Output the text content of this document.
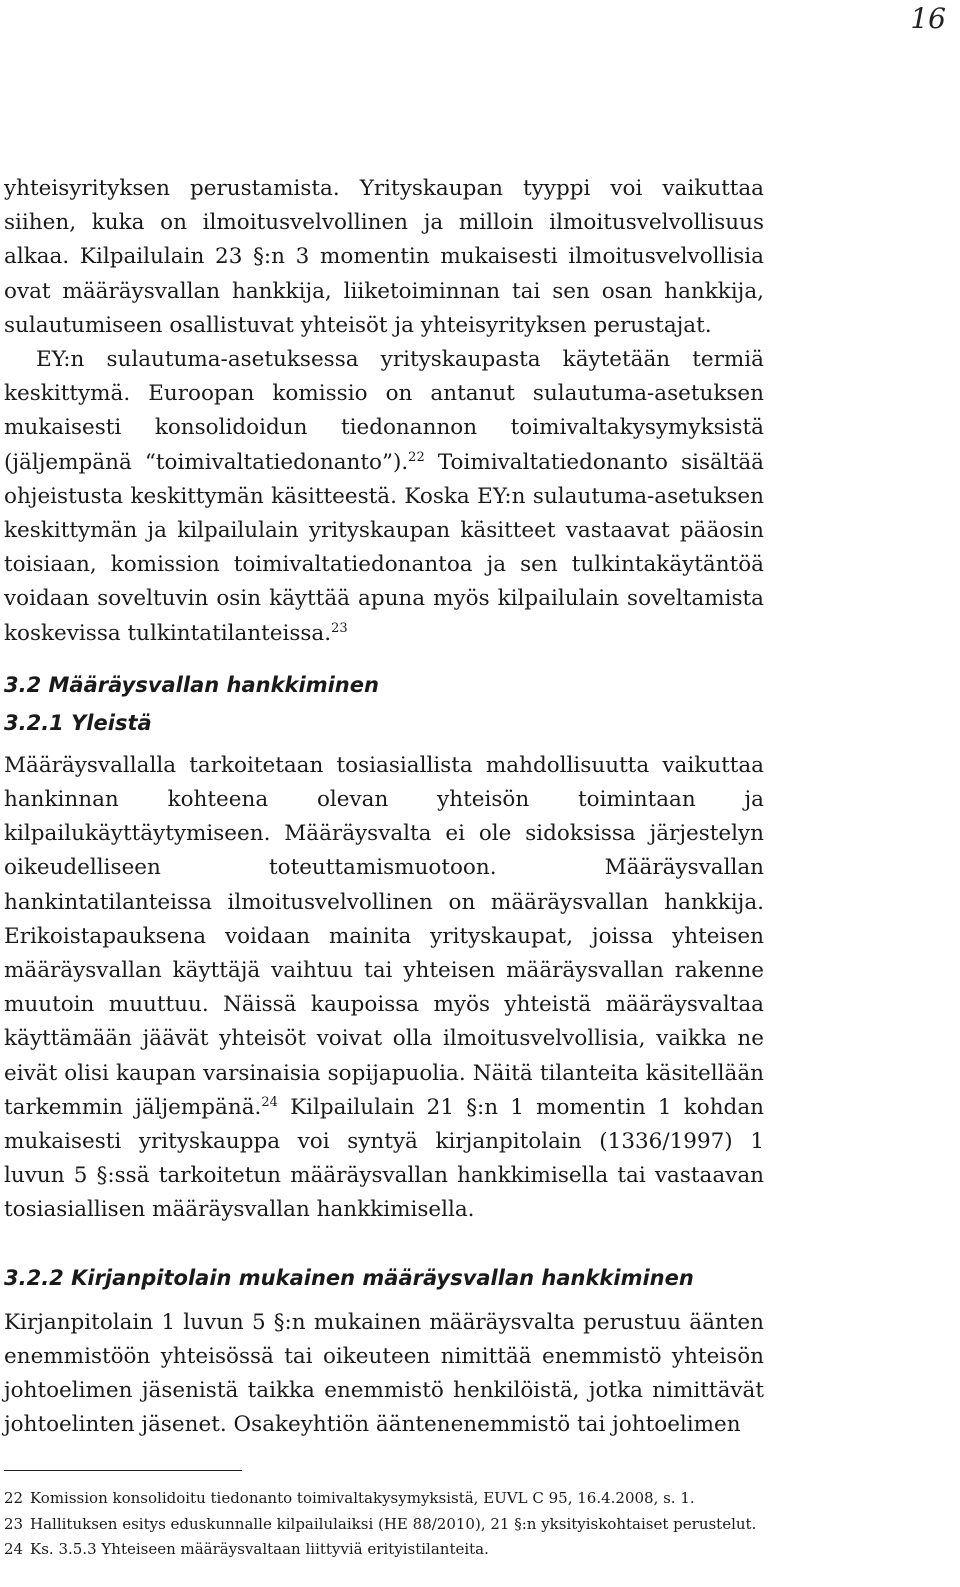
16

yhteisyrityksen perustamista. Yrityskaupan tyyppi voi vaikuttaa siihen, kuka on ilmoitusvelvollinen ja milloin ilmoitusvelvollisuus alkaa. Kilpailulain 23 §:n 3 momentin mukaisesti ilmoitusvelvollisia ovat määräysvallan hankkija, liiketoiminnan tai sen osan hankkija, sulautumiseen osallistuvat yhteisöt ja yhteisyrityksen perustajat.

EY:n sulautuma-asetuksessa yrityskaupasta käytetään termiä keskittymä. Euroopan komissio on antanut sulautuma-asetuksen mukaisesti konsolidoidun tiedonannon toimivaltakysymyksistä (jäljempänä “toimivaltatiedonanto”).$^{22}$ Toimivaltatiedonanto sisältää ohjeistusta keskittymän käsitteestä. Koska EY:n sulautuma-asetuksen keskittymän ja kilpailulain yrityskaupan käsitteet vastaavat pääosin toisiaan, komission toimivaltatiedonantoa ja sen tulkintakäytäntöä voidaan soveltuvin osin käyttää apuna myös kilpailulain soveltamista koskevissa tulkintatilanteissa.$^{23}$

3.2 Määräysvallan hankkiminen
3.2.1 Yleistä

Määräysvallalla tarkoitetaan tosiasiallista mahdollisuutta vaikuttaa hankinnan kohteena olevan yhteisön toimintaan ja kilpailukäyttäytymiseen. Määräysvalta ei ole sidoksissa järjestelyn oikeudelliseen toteuttamismuotoon. Määräysvallan hankintatilanteissa ilmoitusvelvollinen on määräysvallan hankkija. Erikoistapauksena voidaan mainita yrityskaupat, joissa yhteisen määräysvallan käyttäjä vaihtuu tai yhteisen määräysvallan rakenne muutoin muuttuu. Näissä kaupoissa myös yhteistä määräysvaltaa käyttämään jäävät yhteisöt voivat olla ilmoitusvelvollisia, vaikka ne eivät olisi kaupan varsinaisia sopijapuolia. Näitä tilanteita käsitellään tarkemmin jäljempänä.$^{24}$ Kilpailulain 21 §:n 1 momentin 1 kohdan mukaisesti yrityskauppa voi syntyä kirjanpitolain (1336/1997) 1 luvun 5 §:ssä tarkoitetun määräysvallan hankkimisella tai vastaavan tosiasiallisen määräysvallan hankkimisella.

3.2.2 Kirjanpitolain mukainen määräysvallan hankkiminen

Kirjanpitolain 1 luvun 5 §:n mukainen määräysvalta perustuu äänten enemmistöön yhteisössä tai oikeuteen nimittää enemmistö yhteisön johtoelimen jäsenistä taikka enemmistö henkilöistä, jotka nimittävät johtoelinten jäsenet. Osakeyhtiön ääntenenemmistö tai johtoelimen

22 Komission konsolidoitu tiedonanto toimivaltakysymyksistä, EUVL C 95, 16.4.2008, s. 1.

23 Hallituksen esitys eduskunnalle kilpailulaiksi (HE 88/2010), 21 §:n yksityiskohtaiset perustelut.

24 Ks. 3.5.3 Yhteiseen määräysvaltaan liittyviä erityistilanteita.
